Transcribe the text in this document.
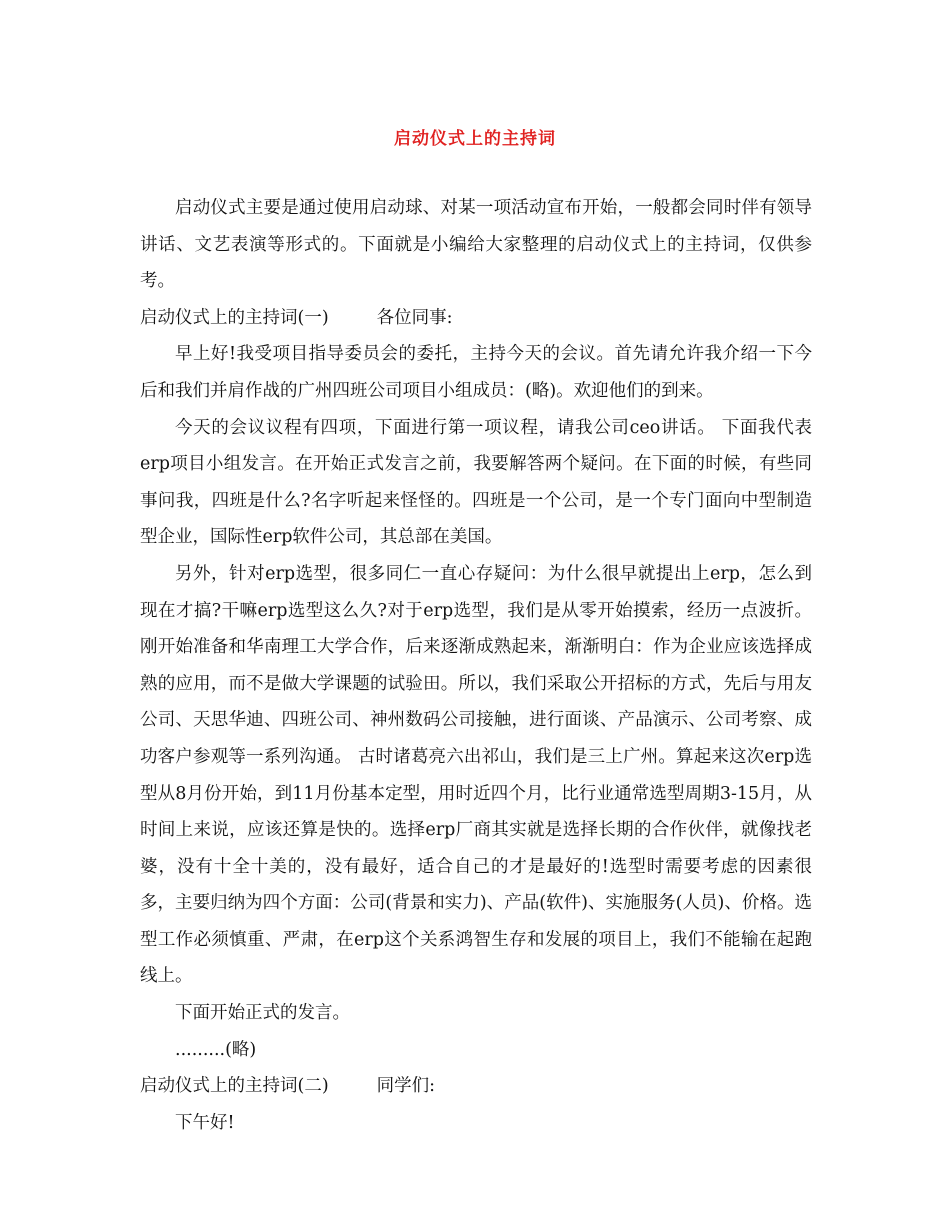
启动仪式上的主持词

启动仪式主要是通过使用启动球、对某一项活动宣布开始，一般都会同时伴有领导讲话、文艺表演等形式的。下面就是小编给大家整理的启动仪式上的主持词，仅供参考。

启动仪式上的主持词(一)	各位同事:

早上好!我受项目指导委员会的委托，主持今天的会议。首先请允许我介绍一下今后和我们并肩作战的广州四班公司项目小组成员：(略)。欢迎他们的到来。

今天的会议议程有四项，下面进行第一项议程，请我公司ceo讲话。 下面我代表erp项目小组发言。在开始正式发言之前，我要解答两个疑问。在下面的时候，有些同事问我，四班是什么?名字听起来怪怪的。四班是一个公司，是一个专门面向中型制造型企业，国际性erp软件公司，其总部在美国。

另外，针对erp选型，很多同仁一直心存疑问：为什么很早就提出上erp，怎么到现在才搞?干嘛erp选型这么久?对于erp选型，我们是从零开始摸索，经历一点波折。刚开始准备和华南理工大学合作，后来逐渐成熟起来，渐渐明白：作为企业应该选择成熟的应用，而不是做大学课题的试验田。所以，我们采取公开招标的方式，先后与用友公司、天思华迪、四班公司、神州数码公司接触，进行面谈、产品演示、公司考察、成功客户参观等一系列沟通。 古时诸葛亮六出祁山，我们是三上广州。算起来这次erp选型从8月份开始，到11月份基本定型，用时近四个月，比行业通常选型周期3-15月，从时间上来说，应该还算是快的。选择erp厂商其实就是选择长期的合作伙伴，就像找老婆，没有十全十美的，没有最好，适合自己的才是最好的!选型时需要考虑的因素很多，主要归纳为四个方面：公司(背景和实力)、产品(软件)、实施服务(人员)、价格。选型工作必须慎重、严肃，在erp这个关系鸿智生存和发展的项目上，我们不能输在起跑线上。

下面开始正式的发言。

.........(略)

启动仪式上的主持词(二)	同学们:

下午好!
